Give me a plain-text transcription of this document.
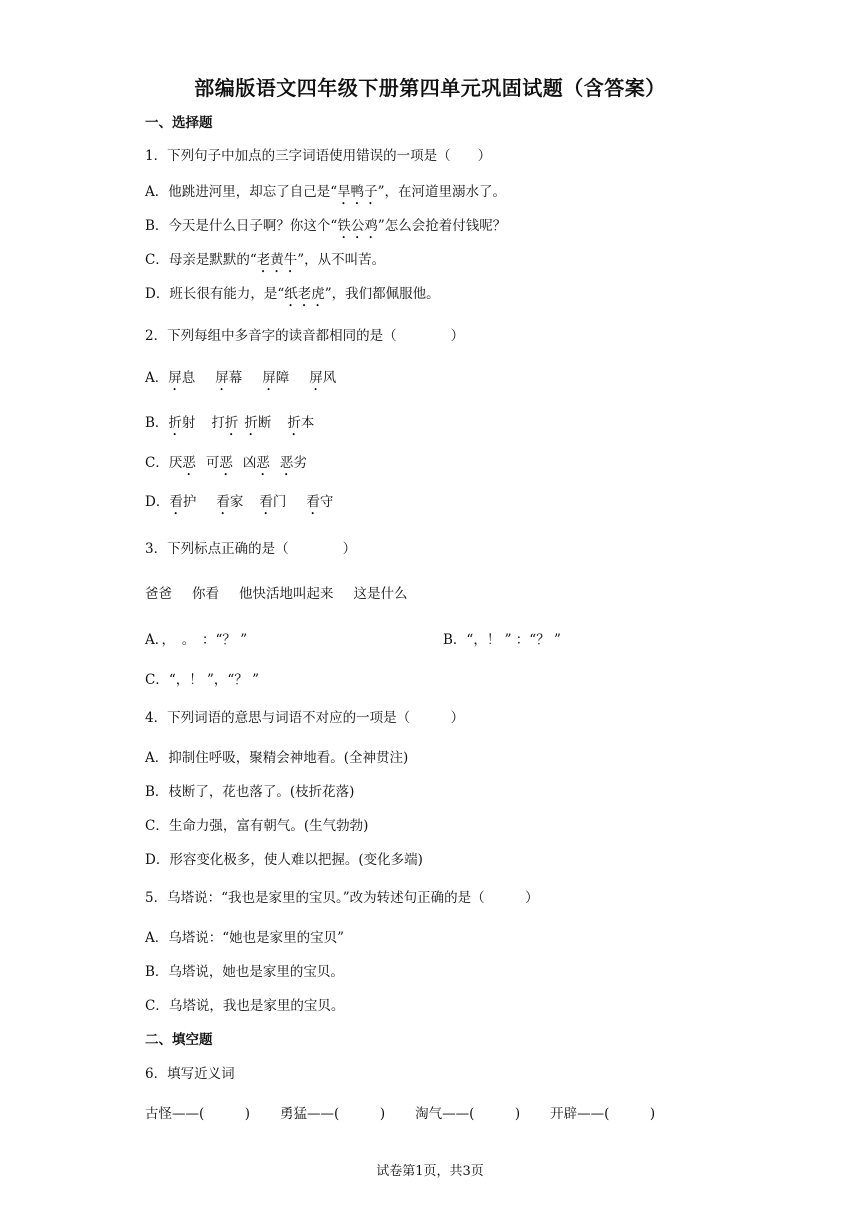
部编版语文四年级下册第四单元巩固试题（含答案）
一、选择题
1．下列句子中加点的三字词语使用错误的一项是（　　）
A．他跳进河里，却忘了自己是“旱鸭子”，在河道里溺水了。
B．今天是什么日子啊？你这个“铁公鸡”怎么会抢着付钱呢？
C．母亲是默默的“老黄牛”，从不叫苦。
D．班长很有能力，是“纸老虎”，我们都佩服他。
2．下列每组中多音字的读音都相同的是（　　　　）
A．屏息 屏幕 屏障 屏风
B．折射 打折 折断 折本
C．厌恶 可恶 凶恶 恶劣
D．看护 看家 看门 看守
3．下列标点正确的是（　　　　）
爸爸 你看 他快活地叫起来 这是什么
A．，　。　：“？ ”	B．“，！ ” ：“？ ”
C．“，！ ”，“？ ”
4．下列词语的意思与词语不对应的一项是（　　　）
A．抑制住呼吸，聚精会神地看。(全神贯注)
B．枝断了，花也落了。(枝折花落)
C．生命力强，富有朝气。(生气勃勃)
D．形容变化极多，使人难以把握。(变化多端)
5．乌塔说：“我也是家里的宝贝。”改为转述句正确的是（　　　）
A．乌塔说：“她也是家里的宝贝”
B．乌塔说，她也是家里的宝贝。
C．乌塔说，我也是家里的宝贝。
二、填空题
6．填写近义词
古怪——(　　　) 勇猛——(　　　) 淘气——(　　　) 开辟——(　　　)
试卷第1页，共3页
